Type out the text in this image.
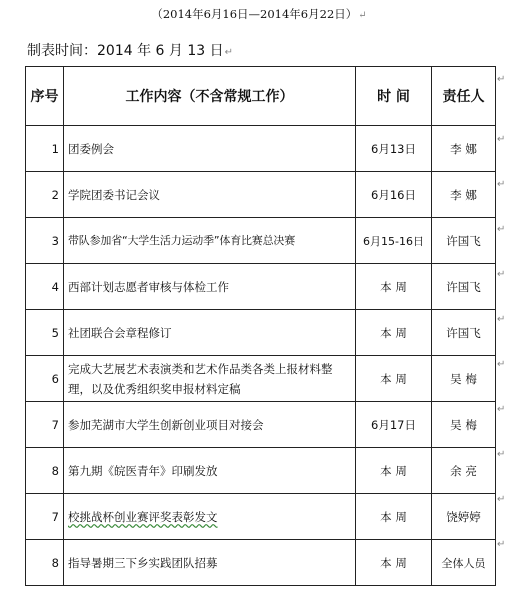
（2014年6月16日—2014年6月22日）↵
制表时间：2014 年 6 月 13 日↵
序号	工作内容（不含常规工作）	时 间	责任人
1	团委例会	6月13日	李 娜
2	学院团委书记会议	6月16日	李 娜
3	带队参加省“大学生活力运动季”体育比赛总决赛	6月15-16日	许国飞
4	西部计划志愿者审核与体检工作	本 周	许国飞
5	社团联合会章程修订	本 周	许国飞
6	完成大艺展艺术表演类和艺术作品类各类上报材料整理，以及优秀组织奖申报材料定稿	本 周	吴 梅
7	参加芜湖市大学生创新创业项目对接会	6月17日	吴 梅
8	第九期《皖医青年》印刷发放	本 周	余 亮
7	校挑战杯创业赛评奖表彰发文	本 周	饶婷婷
8	指导暑期三下乡实践团队招募	本 周	全体人员
↵
↵
↵
↵
↵
↵
↵
↵
↵
↵
↵
